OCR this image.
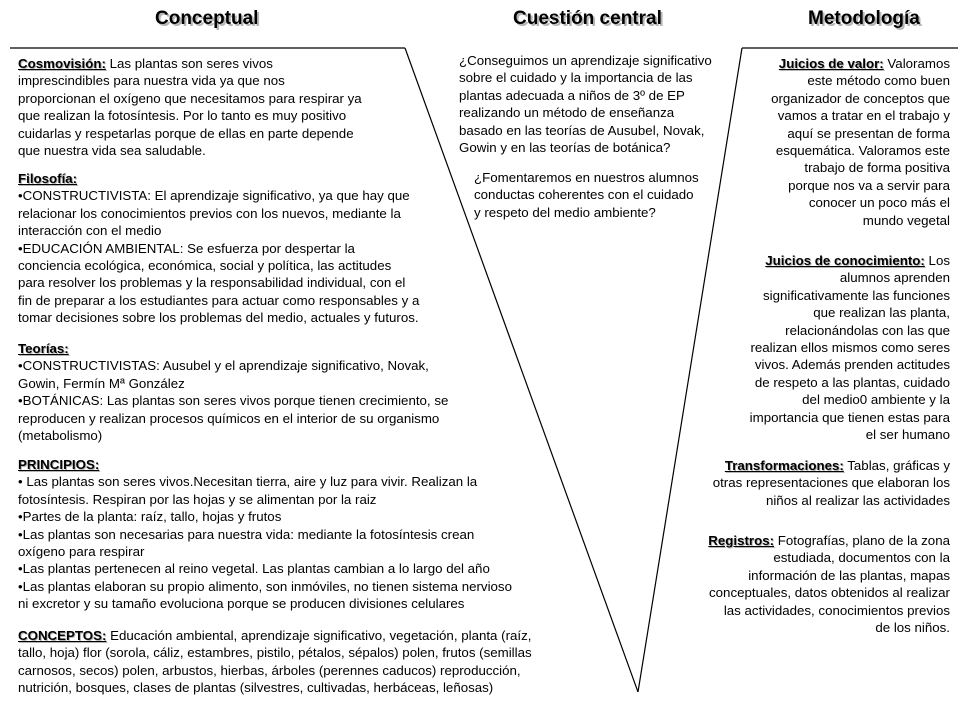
Conceptual	Cuestión central	Metodología

Cosmovisión: Las plantas son seres vivos

imprescindibles para nuestra vida ya que nos

proporcionan el oxígeno que necesitamos para respirar ya

que realizan la fotosíntesis. Por lo tanto es muy positivo

cuidarlas y respetarlas porque de ellas en parte depende

que nuestra vida sea saludable.

Filosofía:

•CONSTRUCTIVISTA: El aprendizaje significativo, ya que hay que

relacionar los conocimientos previos con los nuevos, mediante la

interacción con el medio

•EDUCACIÓN AMBIENTAL: Se esfuerza por despertar la

conciencia ecológica, económica, social y política, las actitudes

para resolver los problemas y la responsabilidad individual, con el

fin de preparar a los estudiantes para actuar como responsables y a

tomar decisiones sobre los problemas del medio, actuales y futuros.

Teorías:

•CONSTRUCTIVISTAS: Ausubel y el aprendizaje significativo, Novak,

Gowin, Fermín Mª González

•BOTÁNICAS: Las plantas son seres vivos porque tienen crecimiento, se

reproducen y realizan procesos químicos en el interior de su organismo

(metabolismo)

PRINCIPIOS:

• Las plantas son seres vivos.Necesitan tierra, aire y luz para vivir. Realizan la

fotosíntesis. Respiran por las hojas y se alimentan por la raiz

•Partes de la planta: raíz, tallo, hojas y frutos

•Las plantas son necesarias para nuestra vida: mediante la fotosíntesis crean

oxígeno para respirar

•Las plantas pertenecen al reino vegetal. Las plantas cambian a lo largo del año

•Las plantas elaboran su propio alimento, son inmóviles, no tienen sistema nervioso

ni excretor y su tamaño evoluciona porque se producen divisiones celulares

CONCEPTOS: Educación ambiental, aprendizaje significativo, vegetación, planta (raíz,

tallo, hoja) flor (sorola, cáliz, estambres, pistilo, pétalos, sépalos) polen, frutos (semillas

carnosos, secos) polen, arbustos, hierbas, árboles (perennes caducos) reproducción,

nutrición, bosques, clases de plantas (silvestres, cultivadas, herbáceas, leñosas)

¿Conseguimos un aprendizaje significativo

sobre el cuidado y la importancia de las

plantas adecuada a niños de 3º de EP

realizando un método de enseñanza

basado en las teorías de Ausubel, Novak,

Gowin y en las teorías de botánica?

¿Fomentaremos en nuestros alumnos

conductas coherentes con el cuidado

y respeto del medio ambiente?

Juicios de valor: Valoramos

este método como buen

organizador de conceptos que

vamos a tratar en el trabajo y

aquí se presentan de forma

esquemática. Valoramos este

trabajo de forma positiva

porque nos va a servir para

conocer un poco más el

mundo vegetal

Juicios de conocimiento: Los

alumnos aprenden

significativamente las funciones

que realizan las planta,

relacionándolas con las que

realizan ellos mismos como seres

vivos. Además prenden actitudes

de respeto a las plantas, cuidado

del medio0 ambiente y la

importancia que tienen estas para

el ser humano

Transformaciones: Tablas, gráficas y

otras representaciones que elaboran los

niños al realizar las actividades

Registros: Fotografías, plano de la zona

estudiada, documentos con la

información de las plantas, mapas

conceptuales, datos obtenidos al realizar

las actividades, conocimientos previos

de los niños.
